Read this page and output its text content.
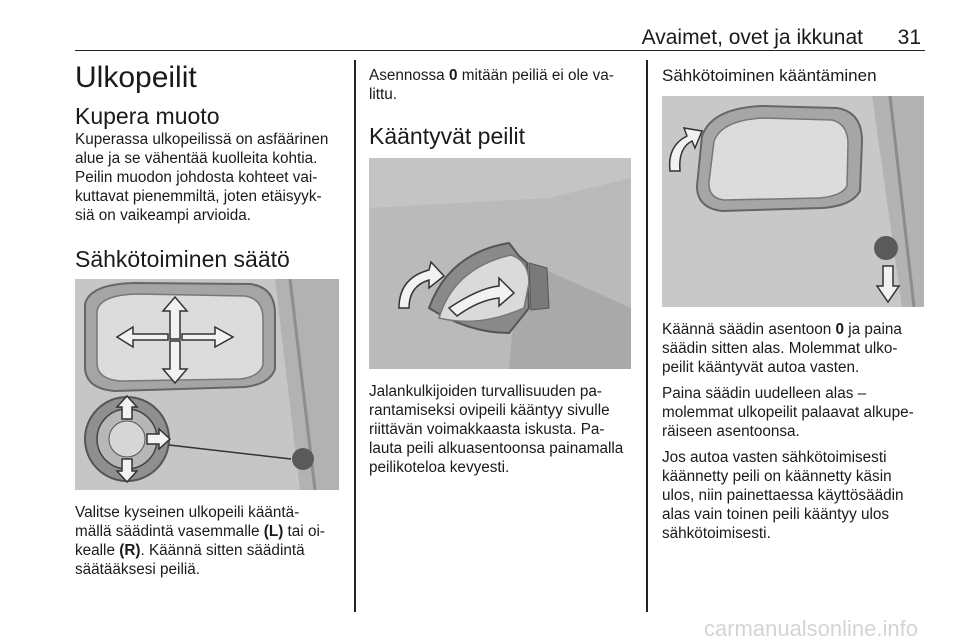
Avaimet, ovet ja ikkunat 31
Ulkopeilit
Kupera muoto

Kuperassa ulkopeilissä on asfäärinen
alue ja se vähentää kuolleita kohtia.
Peilin muodon johdosta kohteet vai-
kuttavat pienemmiltä, joten etäisyyk-
siä on vaikeampi arvioida.

Sähkötoiminen säätö

Valitse kyseinen ulkopeili kääntä-
mällä säädintä vasemmalle (L) tai oi-
kealle (R). Käännä sitten säädintä
säätääksesi peiliä.

Asennossa 0 mitään peiliä ei ole va-
littu.

Kääntyvät peilit

Jalankulkijoiden turvallisuuden pa-
rantamiseksi ovipeili kääntyy sivulle
riittävän voimakkaasta iskusta. Pa-
lauta peili alkuasentoonsa painamalla
peilikoteloa kevyesti.

Sähkötoiminen kääntäminen

Käännä säädin asentoon 0 ja paina
säädin sitten alas. Molemmat ulko-
peilit kääntyvät autoa vasten.

Paina säädin uudelleen alas –
molemmat ulkopeilit palaavat alkupe-
räiseen asentoonsa.

Jos autoa vasten sähkötoimisesti
käännetty peili on käännetty käsin
ulos, niin painettaessa käyttösäädin
alas vain toinen peili kääntyy ulos
sähkötoimisesti.

carmanualsonline.info
